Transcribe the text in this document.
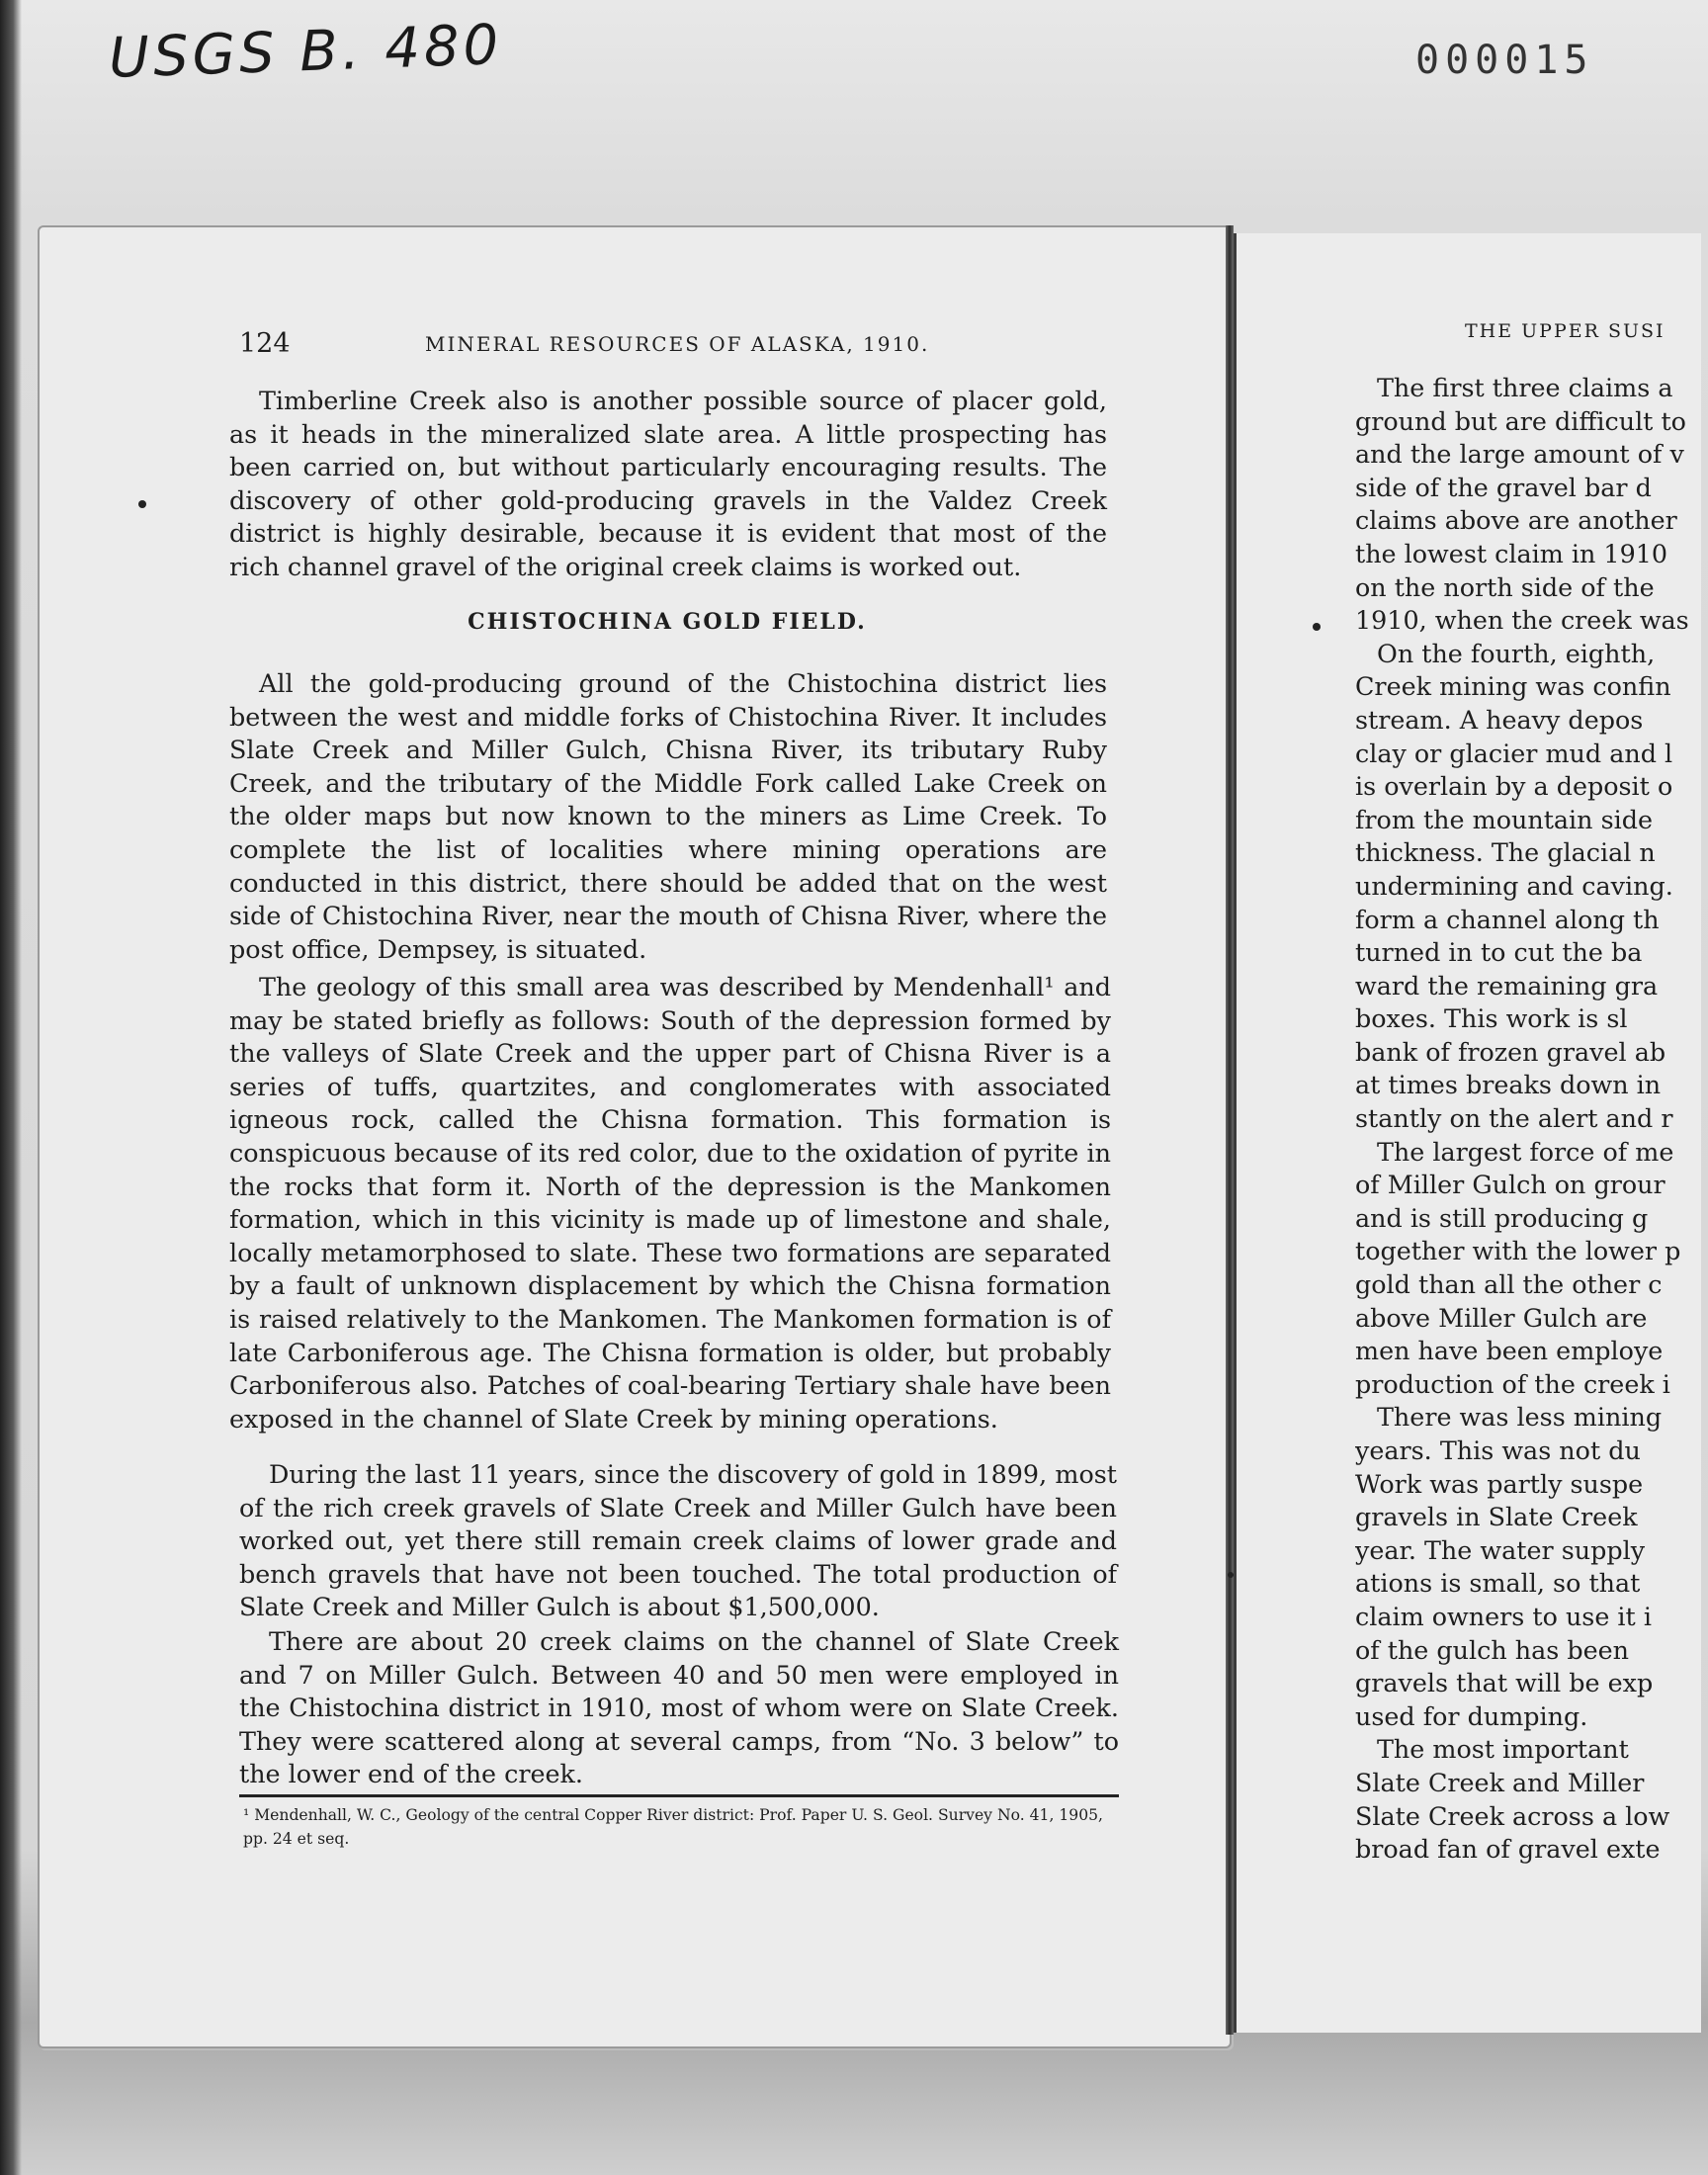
USGS B. 480	000015
124	MINERAL RESOURCES OF ALASKA, 1910.

Timberline Creek also is another possible source of placer gold, as it heads in the mineralized slate area. A little prospecting has been carried on, but without particularly encouraging results. The discovery of other gold-producing gravels in the Valdez Creek district is highly desirable, because it is evident that most of the rich channel gravel of the original creek claims is worked out.

CHISTOCHINA GOLD FIELD.

All the gold-producing ground of the Chistochina district lies between the west and middle forks of Chistochina River. It includes Slate Creek and Miller Gulch, Chisna River, its tributary Ruby Creek, and the tributary of the Middle Fork called Lake Creek on the older maps but now known to the miners as Lime Creek. To complete the list of localities where mining operations are conducted in this district, there should be added that on the west side of Chistochina River, near the mouth of Chisna River, where the post office, Dempsey, is situated.

The geology of this small area was described by Mendenhall¹ and may be stated briefly as follows: South of the depression formed by the valleys of Slate Creek and the upper part of Chisna River is a series of tuffs, quartzites, and conglomerates with associated igneous rock, called the Chisna formation. This formation is conspicuous because of its red color, due to the oxidation of pyrite in the rocks that form it. North of the depression is the Mankomen formation, which in this vicinity is made up of limestone and shale, locally metamorphosed to slate. These two formations are separated by a fault of unknown displacement by which the Chisna formation is raised relatively to the Mankomen. The Mankomen formation is of late Carboniferous age. The Chisna formation is older, but probably Carboniferous also. Patches of coal-bearing Tertiary shale have been exposed in the channel of Slate Creek by mining operations.

During the last 11 years, since the discovery of gold in 1899, most of the rich creek gravels of Slate Creek and Miller Gulch have been worked out, yet there still remain creek claims of lower grade and bench gravels that have not been touched. The total production of Slate Creek and Miller Gulch is about $1,500,000.

There are about 20 creek claims on the channel of Slate Creek and 7 on Miller Gulch. Between 40 and 50 men were employed in the Chistochina district in 1910, most of whom were on Slate Creek. They were scattered along at several camps, from “No. 3 below” to the lower end of the creek.

¹ Mendenhall, W. C., Geology of the central Copper River district: Prof. Paper U. S. Geol. Survey No. 41, 1905, pp. 24 et seq.

THE UPPER SUSI
The first three claims a
ground but are difficult to
and the large amount of v
side of the gravel bar d
claims above are another
the lowest claim in 1910
on the north side of the
1910, when the creek was
On the fourth, eighth,
Creek mining was confin
stream. A heavy depos
clay or glacier mud and l
is overlain by a deposit o
from the mountain side
thickness. The glacial n
undermining and caving.
form a channel along th
turned in to cut the ba
ward the remaining gra
boxes. This work is sl
bank of frozen gravel ab
at times breaks down in
stantly on the alert and r
The largest force of me
of Miller Gulch on grour
and is still producing g
together with the lower p
gold than all the other c
above Miller Gulch are
men have been employe
production of the creek i
There was less mining
years. This was not du
Work was partly suspe
gravels in Slate Creek
year. The water supply
ations is small, so that
claim owners to use it i
of the gulch has been
gravels that will be exp
used for dumping.
The most important
Slate Creek and Miller
Slate Creek across a low
broad fan of gravel exte
